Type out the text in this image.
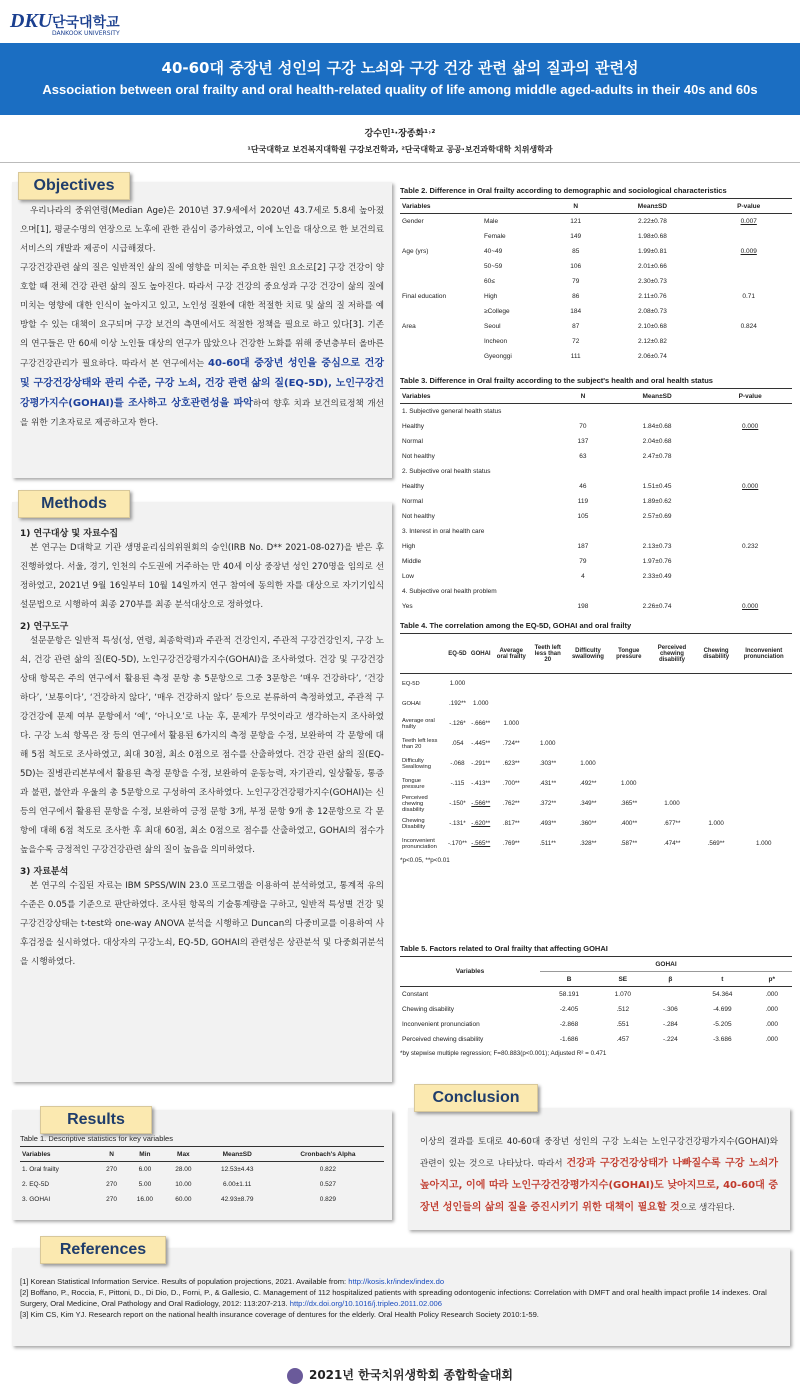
DKU 단국대학교
DANKOOK UNIVERSITY
40-60대 중장년 성인의 구강 노쇠와 구강 건강 관련 삶의 질과의 관련성
Association between oral frailty and oral health-related quality of life among middle aged-adults in their 40s and 60s
강수민¹·장종화¹˒²
¹단국대학교 보건복지대학원 구강보건학과, ²단국대학교 공공·보건과학대학 치위생학과
우리나라의 중위연령(Median Age)은 2010년 37.9세에서 2020년 43.7세로 5.8세 높아졌으며[1], 평균수명의 연장으로 노후에 관한 관심이 증가하였고, 이에 노인을 대상으로 한 보건의료서비스의 개발과 제공이 시급해졌다.
구강건강관련 삶의 질은 일반적인 삶의 질에 영향을 미치는 주요한 원인 요소로[2] 구강 건강이 양호할 때 전체 건강 관련 삶의 질도 높아진다. 따라서 구강 건강의 중요성과 구강 건강이 삶의 질에 미치는 영향에 대한 인식이 높아지고 있고, 노인성 질환에 대한 적절한 치료 및 삶의 질 저하를 예방할 수 있는 대책이 요구되며 구강 보건의 측면에서도 적절한 정책을 필요로 하고 있다[3]. 기존의 연구들은 만 60세 이상 노인들 대상의 연구가 많았으나 건강한 노화를 위해 중년층부터 올바른 구강건강관리가 필요하다. 따라서 본 연구에서는 40-60대 중장년 성인을 중심으로 건강 및 구강건강상태와 관리 수준, 구강 노쇠, 건강 관련 삶의 질(EQ-5D), 노인구강건강평가지수(GOHAI)를 조사하고 상호관련성을 파악하여 향후 치과 보건의료정책 개선을 위한 기초자료로 제공하고자 한다.
Objectives
1) 연구대상 및 자료수집
본 연구는 D대학교 기관 생명윤리심의위원회의 승인(IRB No. D** 2021-08-027)을 받은 후 진행하였다. 서울, 경기, 인천의 수도권에 거주하는 만 40세 이상 중장년 성인 270명을 임의로 선정하였고, 2021년 9월 16일부터 10월 14일까지 연구 참여에 동의한 자를 대상으로 자기기입식 설문법으로 시행하여 최종 270부를 최종 분석대상으로 정하였다.
2) 연구도구
설문문항은 일반적 특성(성, 연령, 최종학력)과 주관적 건강인지, 주관적 구강건강인지, 구강 노쇠, 건강 관련 삶의 질(EQ-5D), 노인구강건강평가지수(GOHAI)을 조사하였다. 건강 및 구강건강상태 항목은 주의 연구에서 활용된 측정 문항 총 5문항으로 그중 3문항은 ‘매우 건강하다’, ‘건강하다’, ‘보통이다’, ‘건강하지 않다’, ‘매우 건강하지 않다’ 등으로 분류하여 측정하였고, 주관적 구강건강에 문제 여부 문항에서 ‘예’, ‘아니오’로 나눈 후, 문제가 무엇이라고 생각하는지 조사하였다. 구강 노쇠 항목은 장 등의 연구에서 활용된 6가지의 측정 문항을 수정, 보완하여 각 문항에 대해 5점 척도로 조사하였고, 최대 30점, 최소 0점으로 점수를 산출하였다. 건강 관련 삶의 질(EQ-5D)는 질병관리본부에서 활용된 측정 문항을 수정, 보완하여 운동능력, 자기관리, 일상활동, 통증과 불편, 불안과 우울의 총 5문항으로 구성하여 조사하였다. 노인구강건강평가지수(GOHAI)는 신 등의 연구에서 활용된 문항을 수정, 보완하여 긍정 문항 3개, 부정 문항 9개 총 12문항으로 각 문항에 대해 6점 척도로 조사한 후 최대 60점, 최소 0점으로 점수를 산출하였고, GOHAI의 점수가 높을수록 긍정적인 구강건강관련 삶의 질이 높음을 의미하였다.
3) 자료분석
본 연구의 수집된 자료는 IBM SPSS/WIN 23.0 프로그램을 이용하여 분석하였고, 통계적 유의수준은 0.05를 기준으로 판단하였다. 조사된 항목의 기술통계량을 구하고, 일반적 특성별 건강 및 구강건강상태는 t-test와 one-way ANOVA 분석을 시행하고 Duncan의 다중비교를 이용하여 사후검정을 실시하였다. 대상자의 구강노쇠, EQ-5D, GOHAI의 관련성은 상관분석 및 다중회귀분석을 시행하였다.
Methods
Table 1. Descriptive statistics for key variables
Variables	N	Min	Max	Mean±SD	Cronbach's Alpha
1. Oral frailty	270	6.00	28.00	12.53±4.43	0.822
2. EQ-5D	270	5.00	10.00	6.00±1.11	0.527
3. GOHAI	270	16.00	60.00	42.93±8.79	0.829
Results
Table 2. Difference in Oral frailty according to demographic and sociological characteristics
Variables		N	Mean±SD	P-value
Gender	Male	121	2.22±0.78	0.007
	Female	149	1.98±0.68	
Age (yrs)	40~49	85	1.99±0.81	0.009
	50~59	106	2.01±0.66	
	60≤	79	2.30±0.73	
Final education	High	86	2.11±0.76	0.71
	≥College	184	2.08±0.73	
Area	Seoul	87	2.10±0.68	0.824
	Incheon	72	2.12±0.82	
	Gyeonggi	111	2.06±0.74	
Table 3. Difference in Oral frailty according to the subject's health and oral health status
Variables	N	Mean±SD	P-value
1. Subjective general health status			
Healthy	70	1.84±0.68	0.000
Normal	137	2.04±0.68	
Not healthy	63	2.47±0.78	
2. Subjective oral health status			
Healthy	46	1.51±0.45	0.000
Normal	119	1.89±0.62	
Not healthy	105	2.57±0.69	
3. Interest in oral health care			
High	187	2.13±0.73	0.232
Middle	79	1.97±0.76	
Low	4	2.33±0.49	
4. Subjective oral health problem			
Yes	198	2.26±0.74	0.000
Table 4. The correlation among the EQ-5D, GOHAI and oral frailty
	EQ-5D	GOHAI	Average oral frailty	Teeth left less than 20	Difficulty swallowing	Tongue pressure	Perceived chewing disability	Chewing disability	Inconvenient pronunciation
EQ-5D	1.000								
GOHAI	.192**	1.000							
Average oral frailty	-.126*	-.666**	1.000						
Teeth left less than 20	.054	-.445**	.724**	1.000					
Difficulty Swallowing	-.068	-.291**	.623**	.303**	1.000				
Tongue pressure	-.115	-.413**	.700**	.431**	.492**	1.000			
Perceived chewing disability	-.150*	-.566**	.762**	.372**	.349**	.365**	1.000		
Chewing Disability	-.131*	-.620**	.817**	.493**	.360**	.400**	.677**	1.000	
Inconvenient pronunciation	-.170**	-.565**	.769**	.511**	.328**	.587**	.474**	.569**	1.000
*p<0.05, **p<0.01
Table 5. Factors related to Oral frailty that affecting GOHAI
Variables	GOHAI				
	B	SE	β	t	p*
Constant	58.191	1.070		54.364	.000
Chewing disability	-2.405	.512	-.306	-4.699	.000
Inconvenient pronunciation	-2.868	.551	-.284	-5.205	.000
Perceived chewing disability	-1.686	.457	-.224	-3.686	.000
*by stepwise multiple regression; F=80.883(p<0.001); Adjusted R² = 0.471
이상의 결과를 토대로 40-60대 중장년 성인의 구강 노쇠는 노인구강건강평가지수(GOHAI)와 관련이 있는 것으로 나타났다. 따라서 건강과 구강건강상태가 나빠질수록 구강 노쇠가 높아지고, 이에 따라 노인구강건강평가지수(GOHAI)도 낮아지므로, 40-60대 중장년 성인들의 삶의 질을 증진시키기 위한 대책이 필요할 것으로 생각된다.
Conclusion
[1] Korean Statistical Information Service. Results of population projections, 2021. Available from: http://kosis.kr/index/index.do
[2] Boffano, P., Roccia, F., Pittoni, D., Di Dio, D., Forni, P., & Gallesio, C. Management of 112 hospitalized patients with spreading odontogenic infections: Correlation with DMFT and oral health impact profile 14 indexes. Oral Surgery, Oral Medicine, Oral Pathology and Oral Radiology, 2012: 113:207-213. http://dx.doi.org/10.1016/j.tripleo.2011.02.006
[3] Kim CS, Kim YJ. Research report on the national health insurance coverage of dentures for the elderly. Oral Health Policy Research Society 2010:1-59.
References
2021년 한국치위생학회 종합학술대회
